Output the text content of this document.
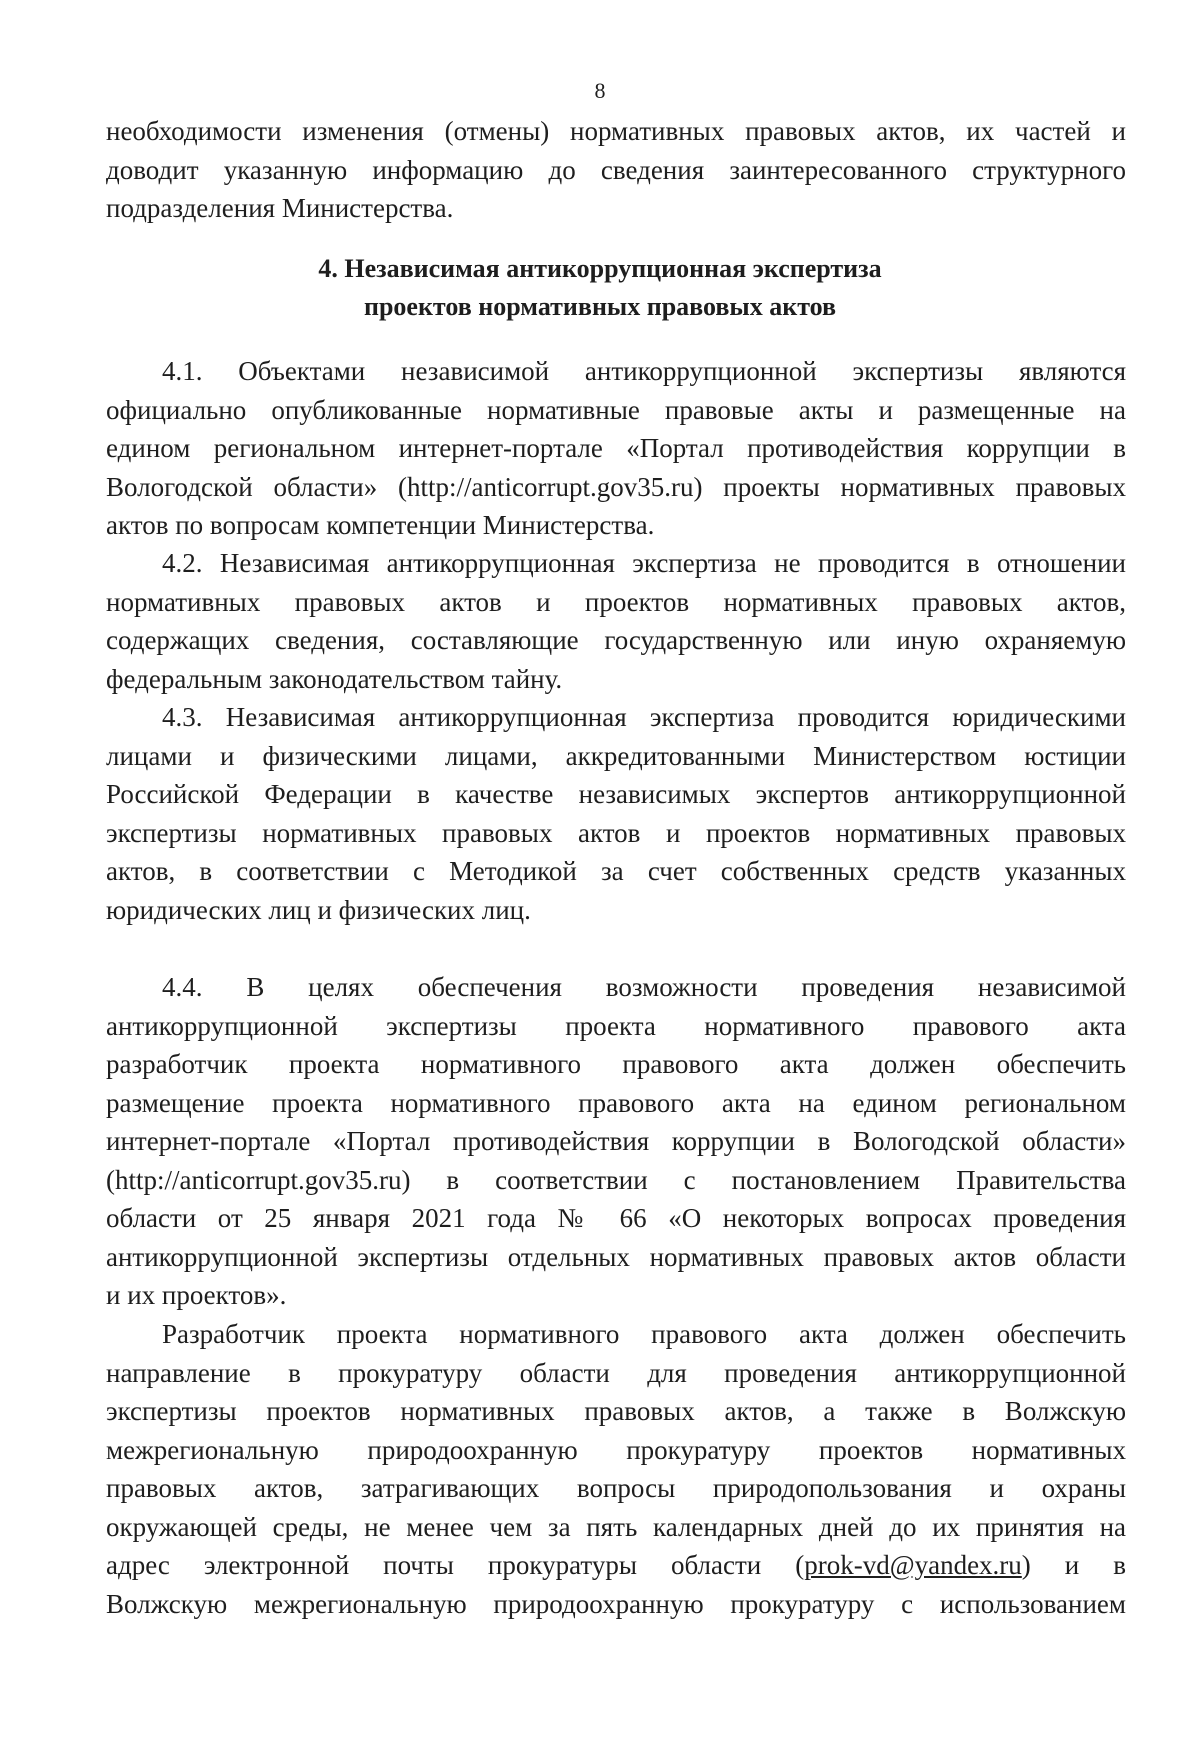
8
необходимости изменения (отмены) нормативных правовых актов, их частей и
доводит указанную информацию до сведения заинтересованного структурного
подразделения Министерства.
4. Независимая антикоррупционная экспертиза
проектов нормативных правовых актов
4.1. Объектами независимой антикоррупционной экспертизы являются
официально опубликованные нормативные правовые акты и размещенные на
едином региональном интернет-портале «Портал противодействия коррупции в
Вологодской области» (http://anticorrupt.gov35.ru) проекты нормативных правовых
актов по вопросам компетенции Министерства.
4.2. Независимая антикоррупционная экспертиза не проводится в отношении
нормативных правовых актов и проектов нормативных правовых актов,
содержащих сведения, составляющие государственную или иную охраняемую
федеральным законодательством тайну.
4.3. Независимая антикоррупционная экспертиза проводится юридическими
лицами и физическими лицами, аккредитованными Министерством юстиции
Российской Федерации в качестве независимых экспертов антикоррупционной
экспертизы нормативных правовых актов и проектов нормативных правовых
актов, в соответствии с Методикой за счет собственных средств указанных
юридических лиц и физических лиц.
4.4. В целях обеспечения возможности проведения независимой
антикоррупционной экспертизы проекта нормативного правового акта
разработчик проекта нормативного правового акта должен обеспечить
размещение проекта нормативного правового акта на едином региональном
интернет-портале «Портал противодействия коррупции в Вологодской области»
(http://anticorrupt.gov35.ru) в соответствии с постановлением Правительства
области от 25 января 2021 года № 66 «О некоторых вопросах проведения
антикоррупционной экспертизы отдельных нормативных правовых актов области
и их проектов».
Разработчик проекта нормативного правового акта должен обеспечить
направление в прокуратуру области для проведения антикоррупционной
экспертизы проектов нормативных правовых актов, а также в Волжскую
межрегиональную природоохранную прокуратуру проектов нормативных
правовых актов, затрагивающих вопросы природопользования и охраны
окружающей среды, не менее чем за пять календарных дней до их принятия на
адрес электронной почты прокуратуры области (prok-vd@yandex.ru) и в
Волжскую межрегиональную природоохранную прокуратуру с использованием
